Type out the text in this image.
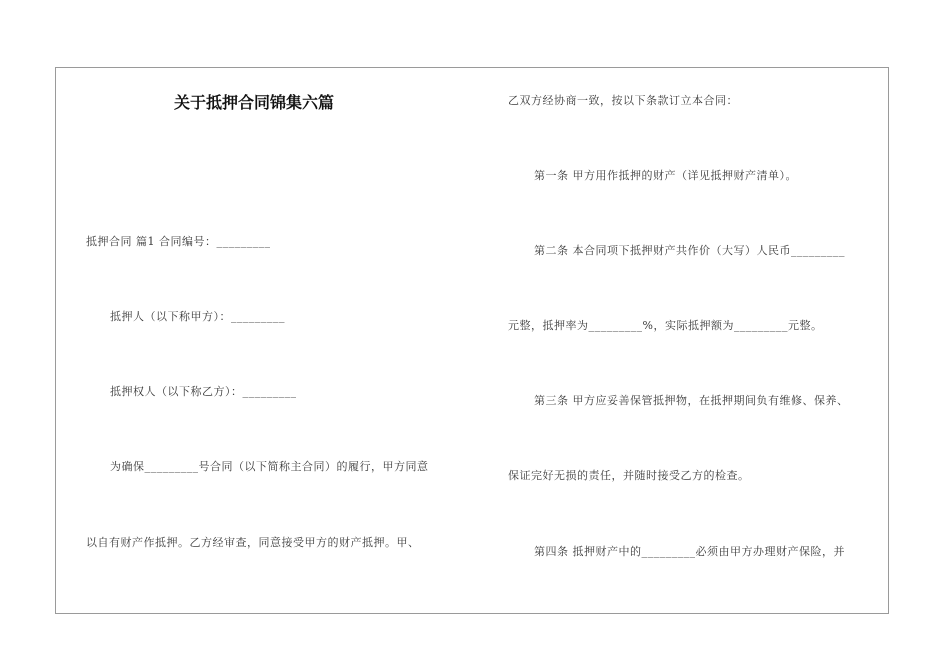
关于抵押合同锦集六篇
抵押合同 篇1 合同编号：_________
抵押人（以下称甲方）：_________
抵押权人（以下称乙方）：_________
为确保_________号合同（以下简称主合同）的履行，甲方同意
以自有财产作抵押。乙方经审查，同意接受甲方的财产抵押。甲、
乙双方经协商一致，按以下条款订立本合同：
第一条 甲方用作抵押的财产（详见抵押财产清单）。
第二条 本合同项下抵押财产共作价（大写）人民币_________
元整，抵押率为_________%，实际抵押额为_________元整。
第三条 甲方应妥善保管抵押物，在抵押期间负有维修、保养、
保证完好无损的责任，并随时接受乙方的检查。
第四条 抵押财产中的_________必须由甲方办理财产保险，并
